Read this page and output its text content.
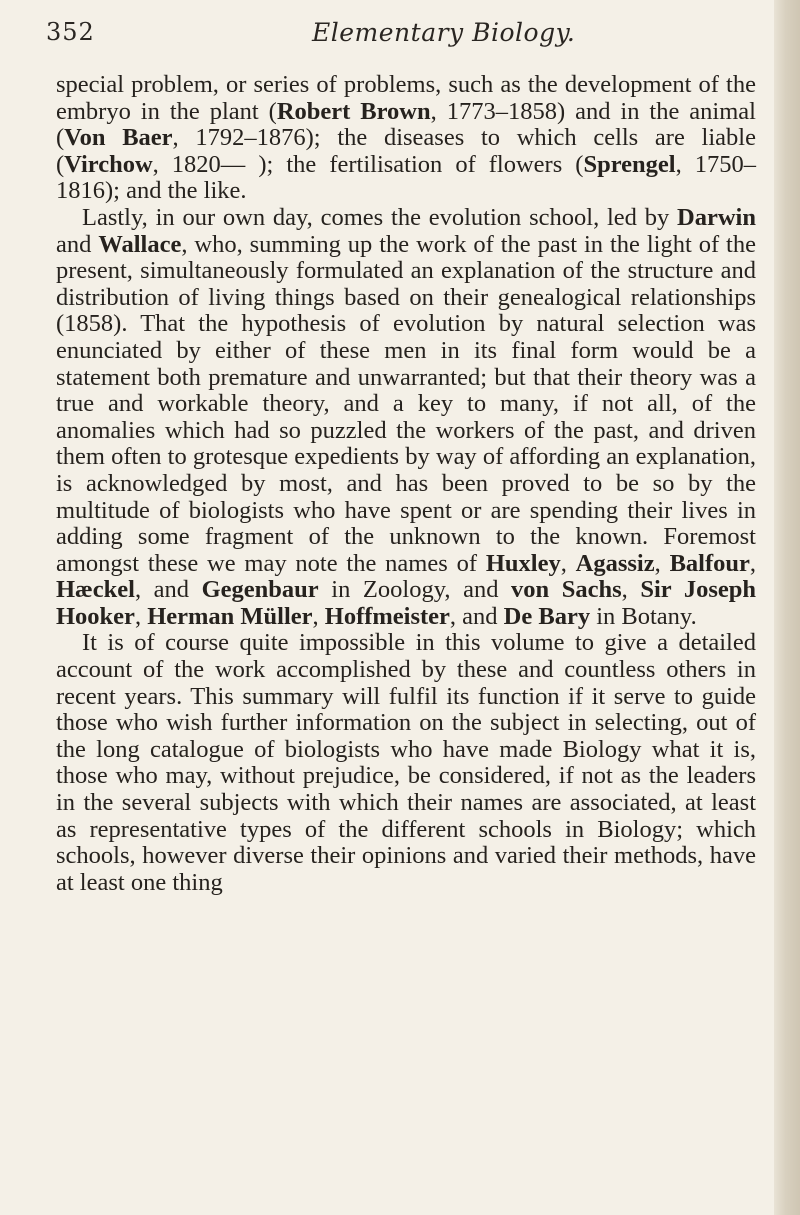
352	Elementary Biology.

special problem, or series of problems, such as the development of the embryo in the plant (Robert Brown, 1773–1858) and in the animal (Von Baer, 1792–1876); the diseases to which cells are liable (Virchow, 1820— ); the fertilisation of flowers (Sprengel, 1750–1816); and the like.

Lastly, in our own day, comes the evolution school, led by Darwin and Wallace, who, summing up the work of the past in the light of the present, simultaneously formulated an explanation of the structure and distribution of living things based on their genealogical relationships (1858). That the hypothesis of evolution by natural selection was enunciated by either of these men in its final form would be a statement both premature and unwarranted; but that their theory was a true and workable theory, and a key to many, if not all, of the anomalies which had so puzzled the workers of the past, and driven them often to grotesque expedients by way of affording an explanation, is acknowledged by most, and has been proved to be so by the multitude of biologists who have spent or are spending their lives in adding some fragment of the unknown to the known. Foremost amongst these we may note the names of Huxley, Agassiz, Balfour, Hæckel, and Gegenbaur in Zoology, and von Sachs, Sir Joseph Hooker, Herman Müller, Hoffmeister, and De Bary in Botany.

It is of course quite impossible in this volume to give a detailed account of the work accomplished by these and countless others in recent years. This summary will fulfil its function if it serve to guide those who wish further information on the subject in selecting, out of the long catalogue of biologists who have made Biology what it is, those who may, without prejudice, be considered, if not as the leaders in the several subjects with which their names are associated, at least as representative types of the different schools in Biology; which schools, however diverse their opinions and varied their methods, have at least one thing
